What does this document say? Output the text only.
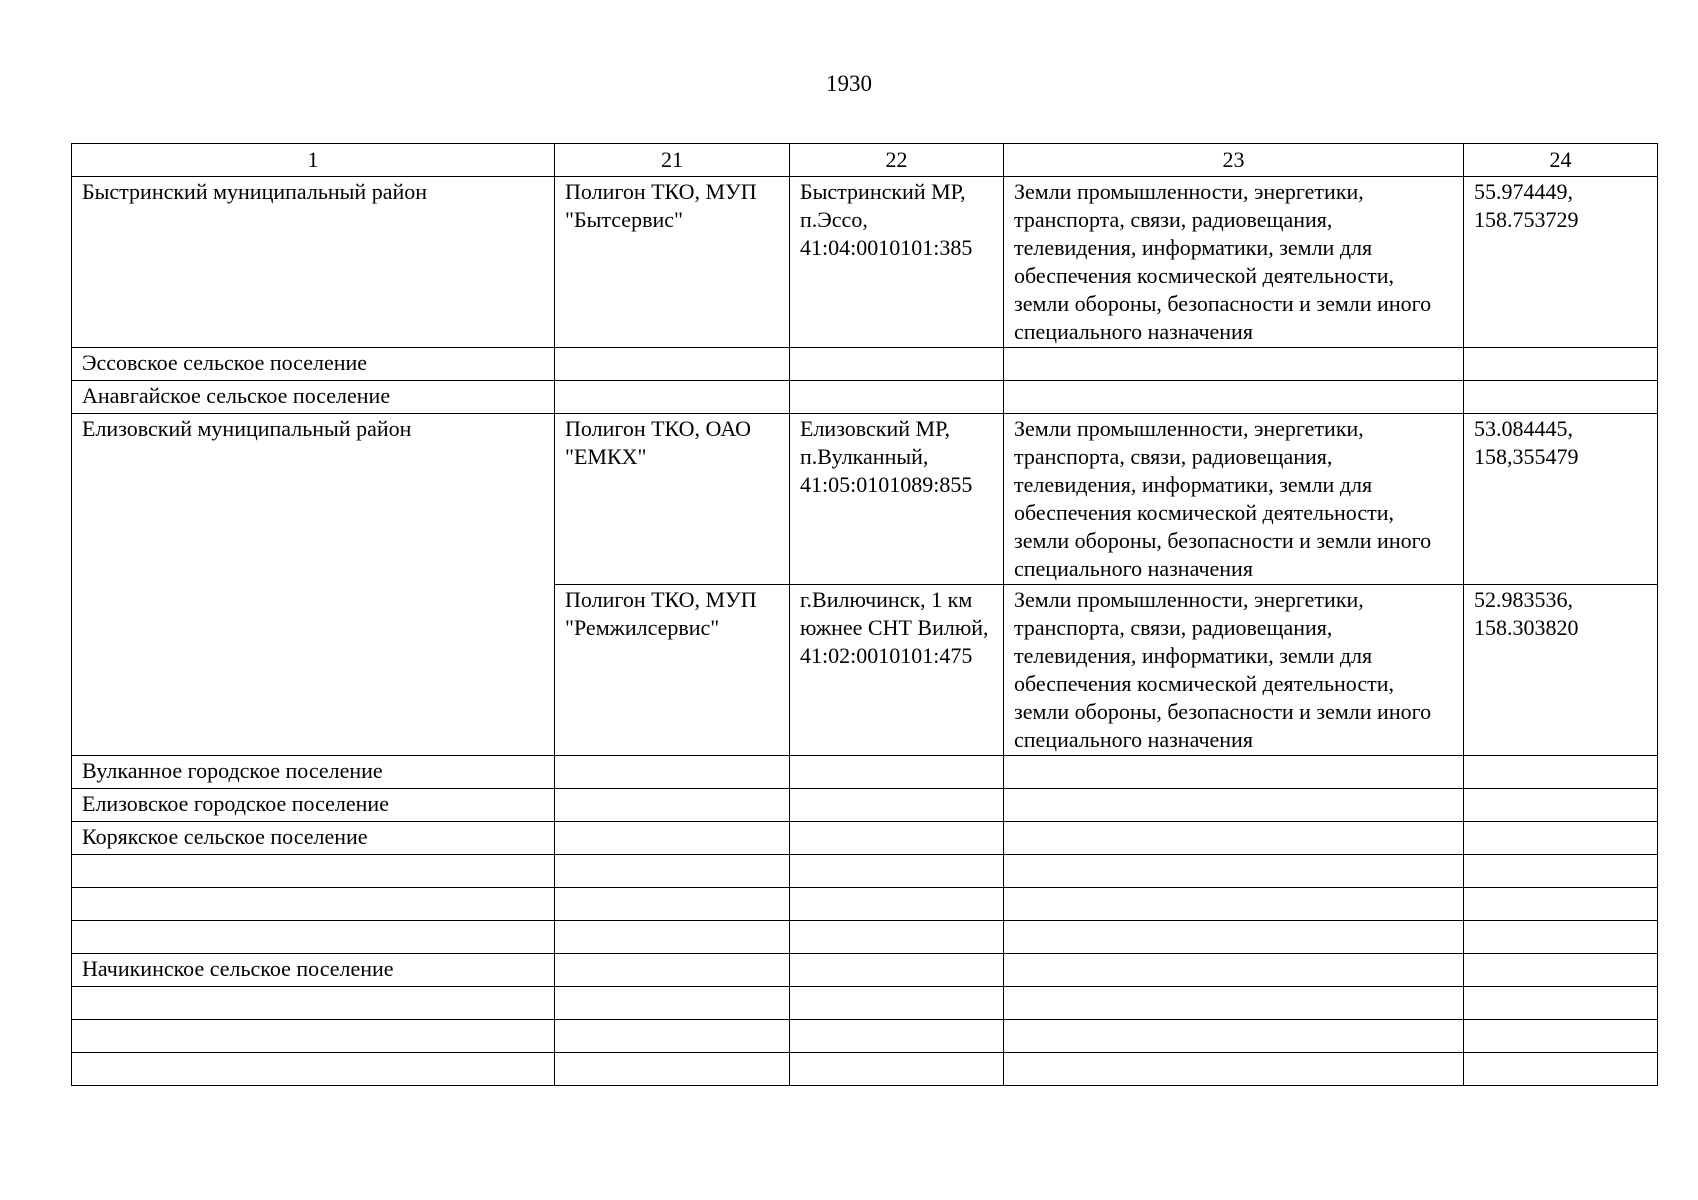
1930
1	21	22	23	24
Быстринский муниципальный район	Полигон ТКО, МУП "Бытсервис"	Быстринский МР, п.Эссо, 41:04:0010101:385	Земли промышленности, энергетики, транспорта, связи, радиовещания, телевидения, информатики, земли для обеспечения космической деятельности, земли обороны, безопасности и земли иного специального назначения	55.974449, 158.753729
Эссовское сельское поселение				
Анавгайское сельское поселение				
Елизовский муниципальный район	Полигон ТКО, ОАО "ЕМКХ"	Елизовский МР, п.Вулканный, 41:05:0101089:855	Земли промышленности, энергетики, транспорта, связи, радиовещания, телевидения, информатики, земли для обеспечения космической деятельности, земли обороны, безопасности и земли иного специального назначения	53.084445, 158,355479
	Полигон ТКО, МУП "Ремжилсервис"	г.Вилючинск, 1 км южнее СНТ Вилюй, 41:02:0010101:475	Земли промышленности, энергетики, транспорта, связи, радиовещания, телевидения, информатики, земли для обеспечения космической деятельности, земли обороны, безопасности и земли иного специального назначения	52.983536, 158.303820
Вулканное городское поселение				
Елизовское городское поселение				
Корякское сельское поселение				

Начикинское сельское поселение				
